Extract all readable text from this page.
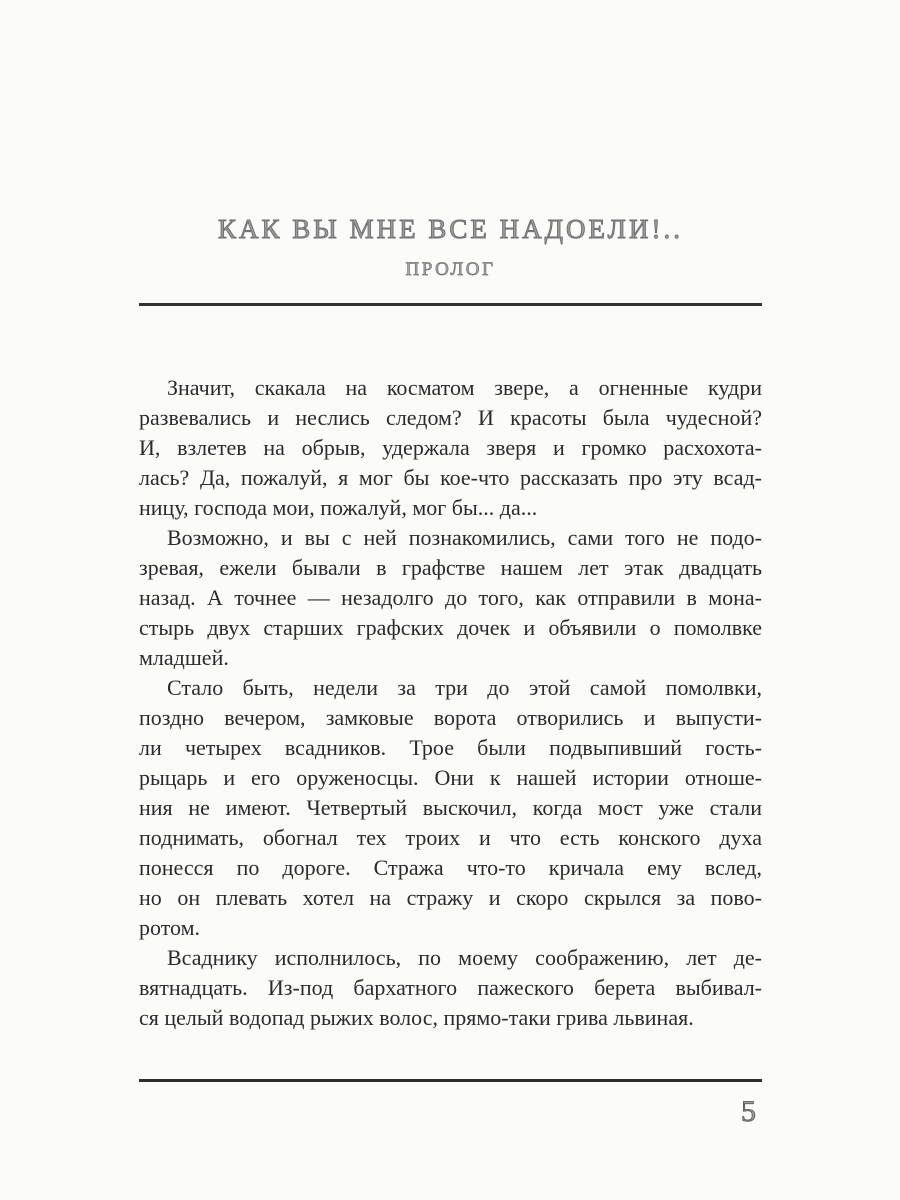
КАК ВЫ МНЕ ВСЕ НАДОЕЛИ!..
ПРОЛОГ
Значит, скакала на косматом звере, а огненные кудри
развевались и неслись следом? И красоты была чудесной?
И, взлетев на обрыв, удержала зверя и громко расхохота-
лась? Да, пожалуй, я мог бы кое-что рассказать про эту всад-
ницу, господа мои, пожалуй, мог бы... да...
Возможно, и вы с ней познакомились, сами того не подо-
зревая, ежели бывали в графстве нашем лет этак двадцать
назад. А точнее — незадолго до того, как отправили в мона-
стырь двух старших графских дочек и объявили о помолвке
младшей.
Стало быть, недели за три до этой самой помолвки,
поздно вечером, замковые ворота отворились и выпусти-
ли четырех всадников. Трое были подвыпивший гость-
рыцарь и его оруженосцы. Они к нашей истории отноше-
ния не имеют. Четвертый выскочил, когда мост уже стали
поднимать, обогнал тех троих и что есть конского духа
понесся по дороге. Стража что-то кричала ему вслед,
но он плевать хотел на стражу и скоро скрылся за пово-
ротом.
Всаднику исполнилось, по моему соображению, лет де-
вятнадцать. Из-под бархатного пажеского берета выбивал-
ся целый водопад рыжих волос, прямо-таки грива львиная.
5
